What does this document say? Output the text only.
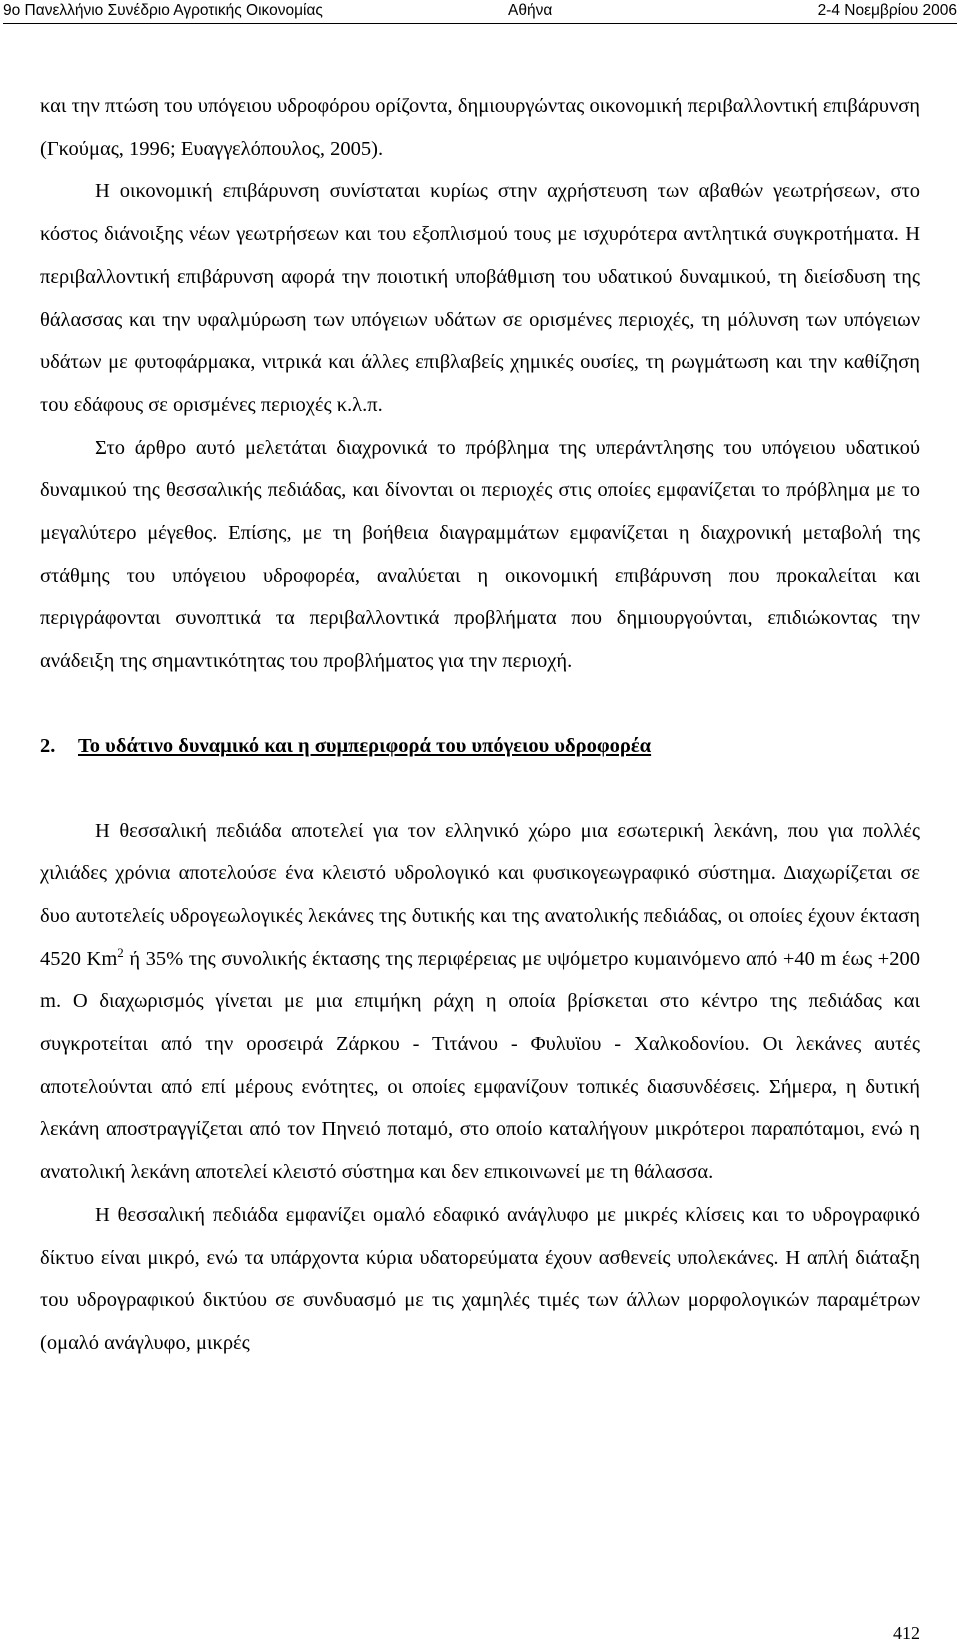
9ο Πανελλήνιο Συνέδριο Αγροτικής Οικονομίας	Αθήνα	2-4 Νοεμβρίου 2006

και την πτώση του υπόγειου υδροφόρου ορίζοντα, δημιουργώντας οικονομική περιβαλλοντική επιβάρυνση (Γκούμας, 1996; Ευαγγελόπουλος, 2005).

Η οικονομική επιβάρυνση συνίσταται κυρίως στην αχρήστευση των αβαθών γεωτρήσεων, στο κόστος διάνοιξης νέων γεωτρήσεων και του εξοπλισμού τους με ισχυρότερα αντλητικά συγκροτήματα. Η περιβαλλοντική επιβάρυνση αφορά την ποιοτική υποβάθμιση του υδατικού δυναμικού, τη διείσδυση της θάλασσας και την υφαλμύρωση των υπόγειων υδάτων σε ορισμένες περιοχές, τη μόλυνση των υπόγειων υδάτων με φυτοφάρμακα, νιτρικά και άλλες επιβλαβείς χημικές ουσίες, τη ρωγμάτωση και την καθίζηση του εδάφους σε ορισμένες περιοχές κ.λ.π.

Στο άρθρο αυτό μελετάται διαχρονικά το πρόβλημα της υπεράντλησης του υπόγειου υδατικού δυναμικού της θεσσαλικής πεδιάδας, και δίνονται οι περιοχές στις οποίες εμφανίζεται το πρόβλημα με το μεγαλύτερο μέγεθος. Επίσης, με τη βοήθεια διαγραμμάτων εμφανίζεται η διαχρονική μεταβολή της στάθμης του υπόγειου υδροφορέα, αναλύεται η οικονομική επιβάρυνση που προκαλείται και περιγράφονται συνοπτικά τα περιβαλλοντικά προβλήματα που δημιουργούνται, επιδιώκοντας την ανάδειξη της σημαντικότητας του προβλήματος για την περιοχή.

2. Το υδάτινο δυναμικό και η συμπεριφορά του υπόγειου υδροφορέα

Η θεσσαλική πεδιάδα αποτελεί για τον ελληνικό χώρο μια εσωτερική λεκάνη, που για πολλές χιλιάδες χρόνια αποτελούσε ένα κλειστό υδρολογικό και φυσικογεωγραφικό σύστημα. Διαχωρίζεται σε δυο αυτοτελείς υδρογεωλογικές λεκάνες της δυτικής και της ανατολικής πεδιάδας, οι οποίες έχουν έκταση 4520 Km$^2$ ή 35% της συνολικής έκτασης της περιφέρειας με υψόμετρο κυμαινόμενο από +40 m έως +200 m. Ο διαχωρισμός γίνεται με μια επιμήκη ράχη η οποία βρίσκεται στο κέντρο της πεδιάδας και συγκροτείται από την οροσειρά Ζάρκου - Τιτάνου - Φυλυϊου - Χαλκοδονίου. Οι λεκάνες αυτές αποτελούνται από επί μέρους ενότητες, οι οποίες εμφανίζουν τοπικές διασυνδέσεις. Σήμερα, η δυτική λεκάνη αποστραγγίζεται από τον Πηνειό ποταμό, στο οποίο καταλήγουν μικρότεροι παραπόταμοι, ενώ η ανατολική λεκάνη αποτελεί κλειστό σύστημα και δεν επικοινωνεί με τη θάλασσα.

Η θεσσαλική πεδιάδα εμφανίζει ομαλό εδαφικό ανάγλυφο με μικρές κλίσεις και το υδρογραφικό δίκτυο είναι μικρό, ενώ τα υπάρχοντα κύρια υδατορεύματα έχουν ασθενείς υπολεκάνες. Η απλή διάταξη του υδρογραφικού δικτύου σε συνδυασμό με τις χαμηλές τιμές των άλλων μορφολογικών παραμέτρων (ομαλό ανάγλυφο, μικρές

412
